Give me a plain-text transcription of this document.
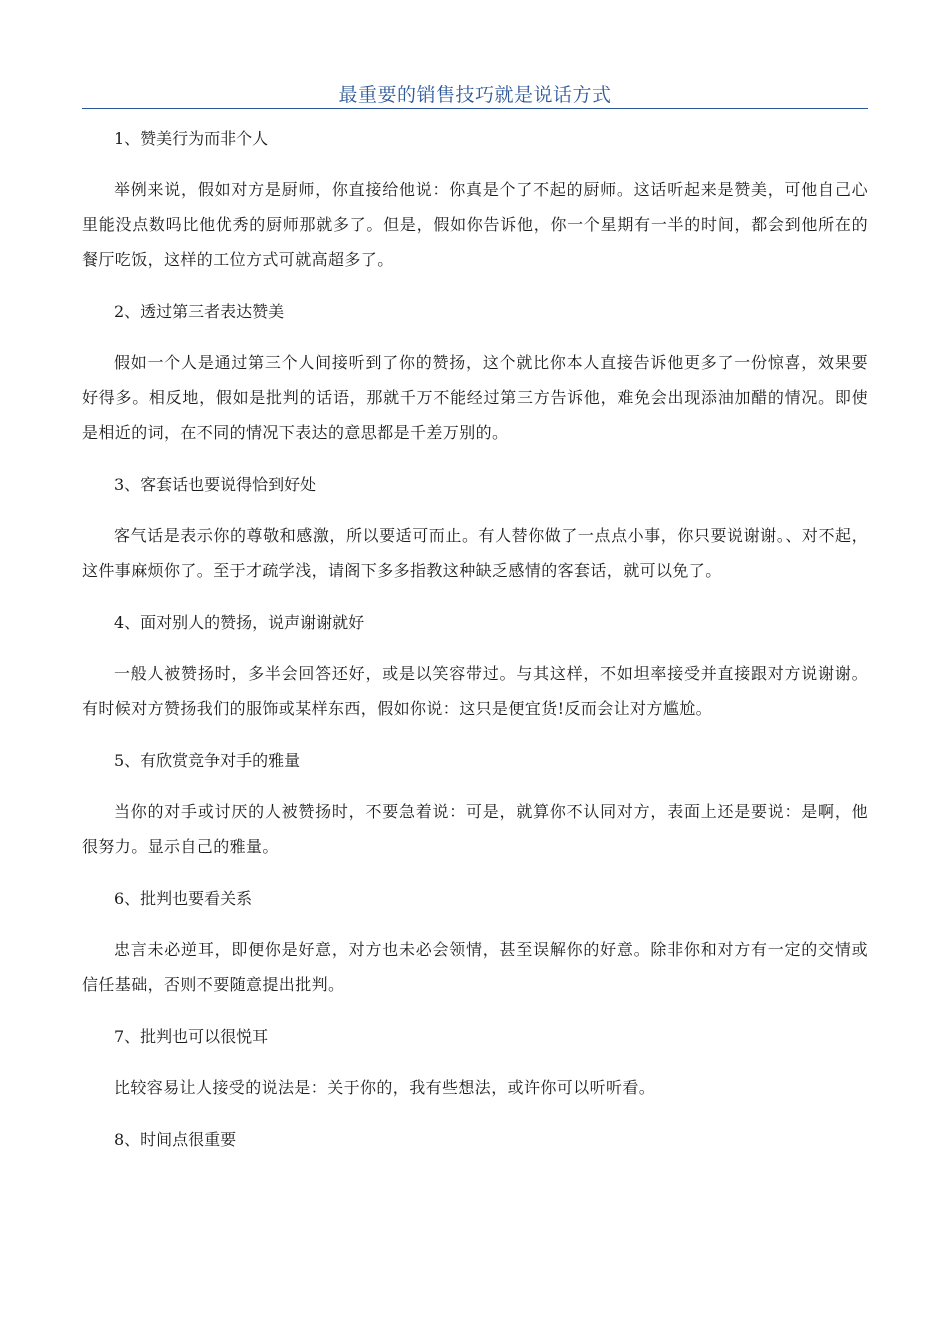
最重要的销售技巧就是说话方式

1、赞美行为而非个人

举例来说，假如对方是厨师，你直接给他说：你真是个了不起的厨师。这话听起来是赞美，可他自己心里能没点数吗比他优秀的厨师那就多了。但是，假如你告诉他，你一个星期有一半的时间，都会到他所在的餐厅吃饭，这样的工位方式可就高超多了。

2、透过第三者表达赞美

假如一个人是通过第三个人间接听到了你的赞扬，这个就比你本人直接告诉他更多了一份惊喜，效果要好得多。相反地，假如是批判的话语，那就千万不能经过第三方告诉他，难免会出现添油加醋的情况。即使是相近的词，在不同的情况下表达的意思都是千差万别的。

3、客套话也要说得恰到好处

客气话是表示你的尊敬和感激，所以要适可而止。有人替你做了一点点小事，你只要说谢谢。、对不起，这件事麻烦你了。至于才疏学浅，请阁下多多指教这种缺乏感情的客套话，就可以免了。

4、面对别人的赞扬，说声谢谢就好

一般人被赞扬时，多半会回答还好，或是以笑容带过。与其这样，不如坦率接受并直接跟对方说谢谢。有时候对方赞扬我们的服饰或某样东西，假如你说：这只是便宜货!反而会让对方尴尬。

5、有欣赏竞争对手的雅量

当你的对手或讨厌的人被赞扬时，不要急着说：可是，就算你不认同对方，表面上还是要说：是啊，他很努力。显示自己的雅量。

6、批判也要看关系

忠言未必逆耳，即便你是好意，对方也未必会领情，甚至误解你的好意。除非你和对方有一定的交情或信任基础，否则不要随意提出批判。

7、批判也可以很悦耳

比较容易让人接受的说法是：关于你的，我有些想法，或许你可以听听看。

8、时间点很重要
